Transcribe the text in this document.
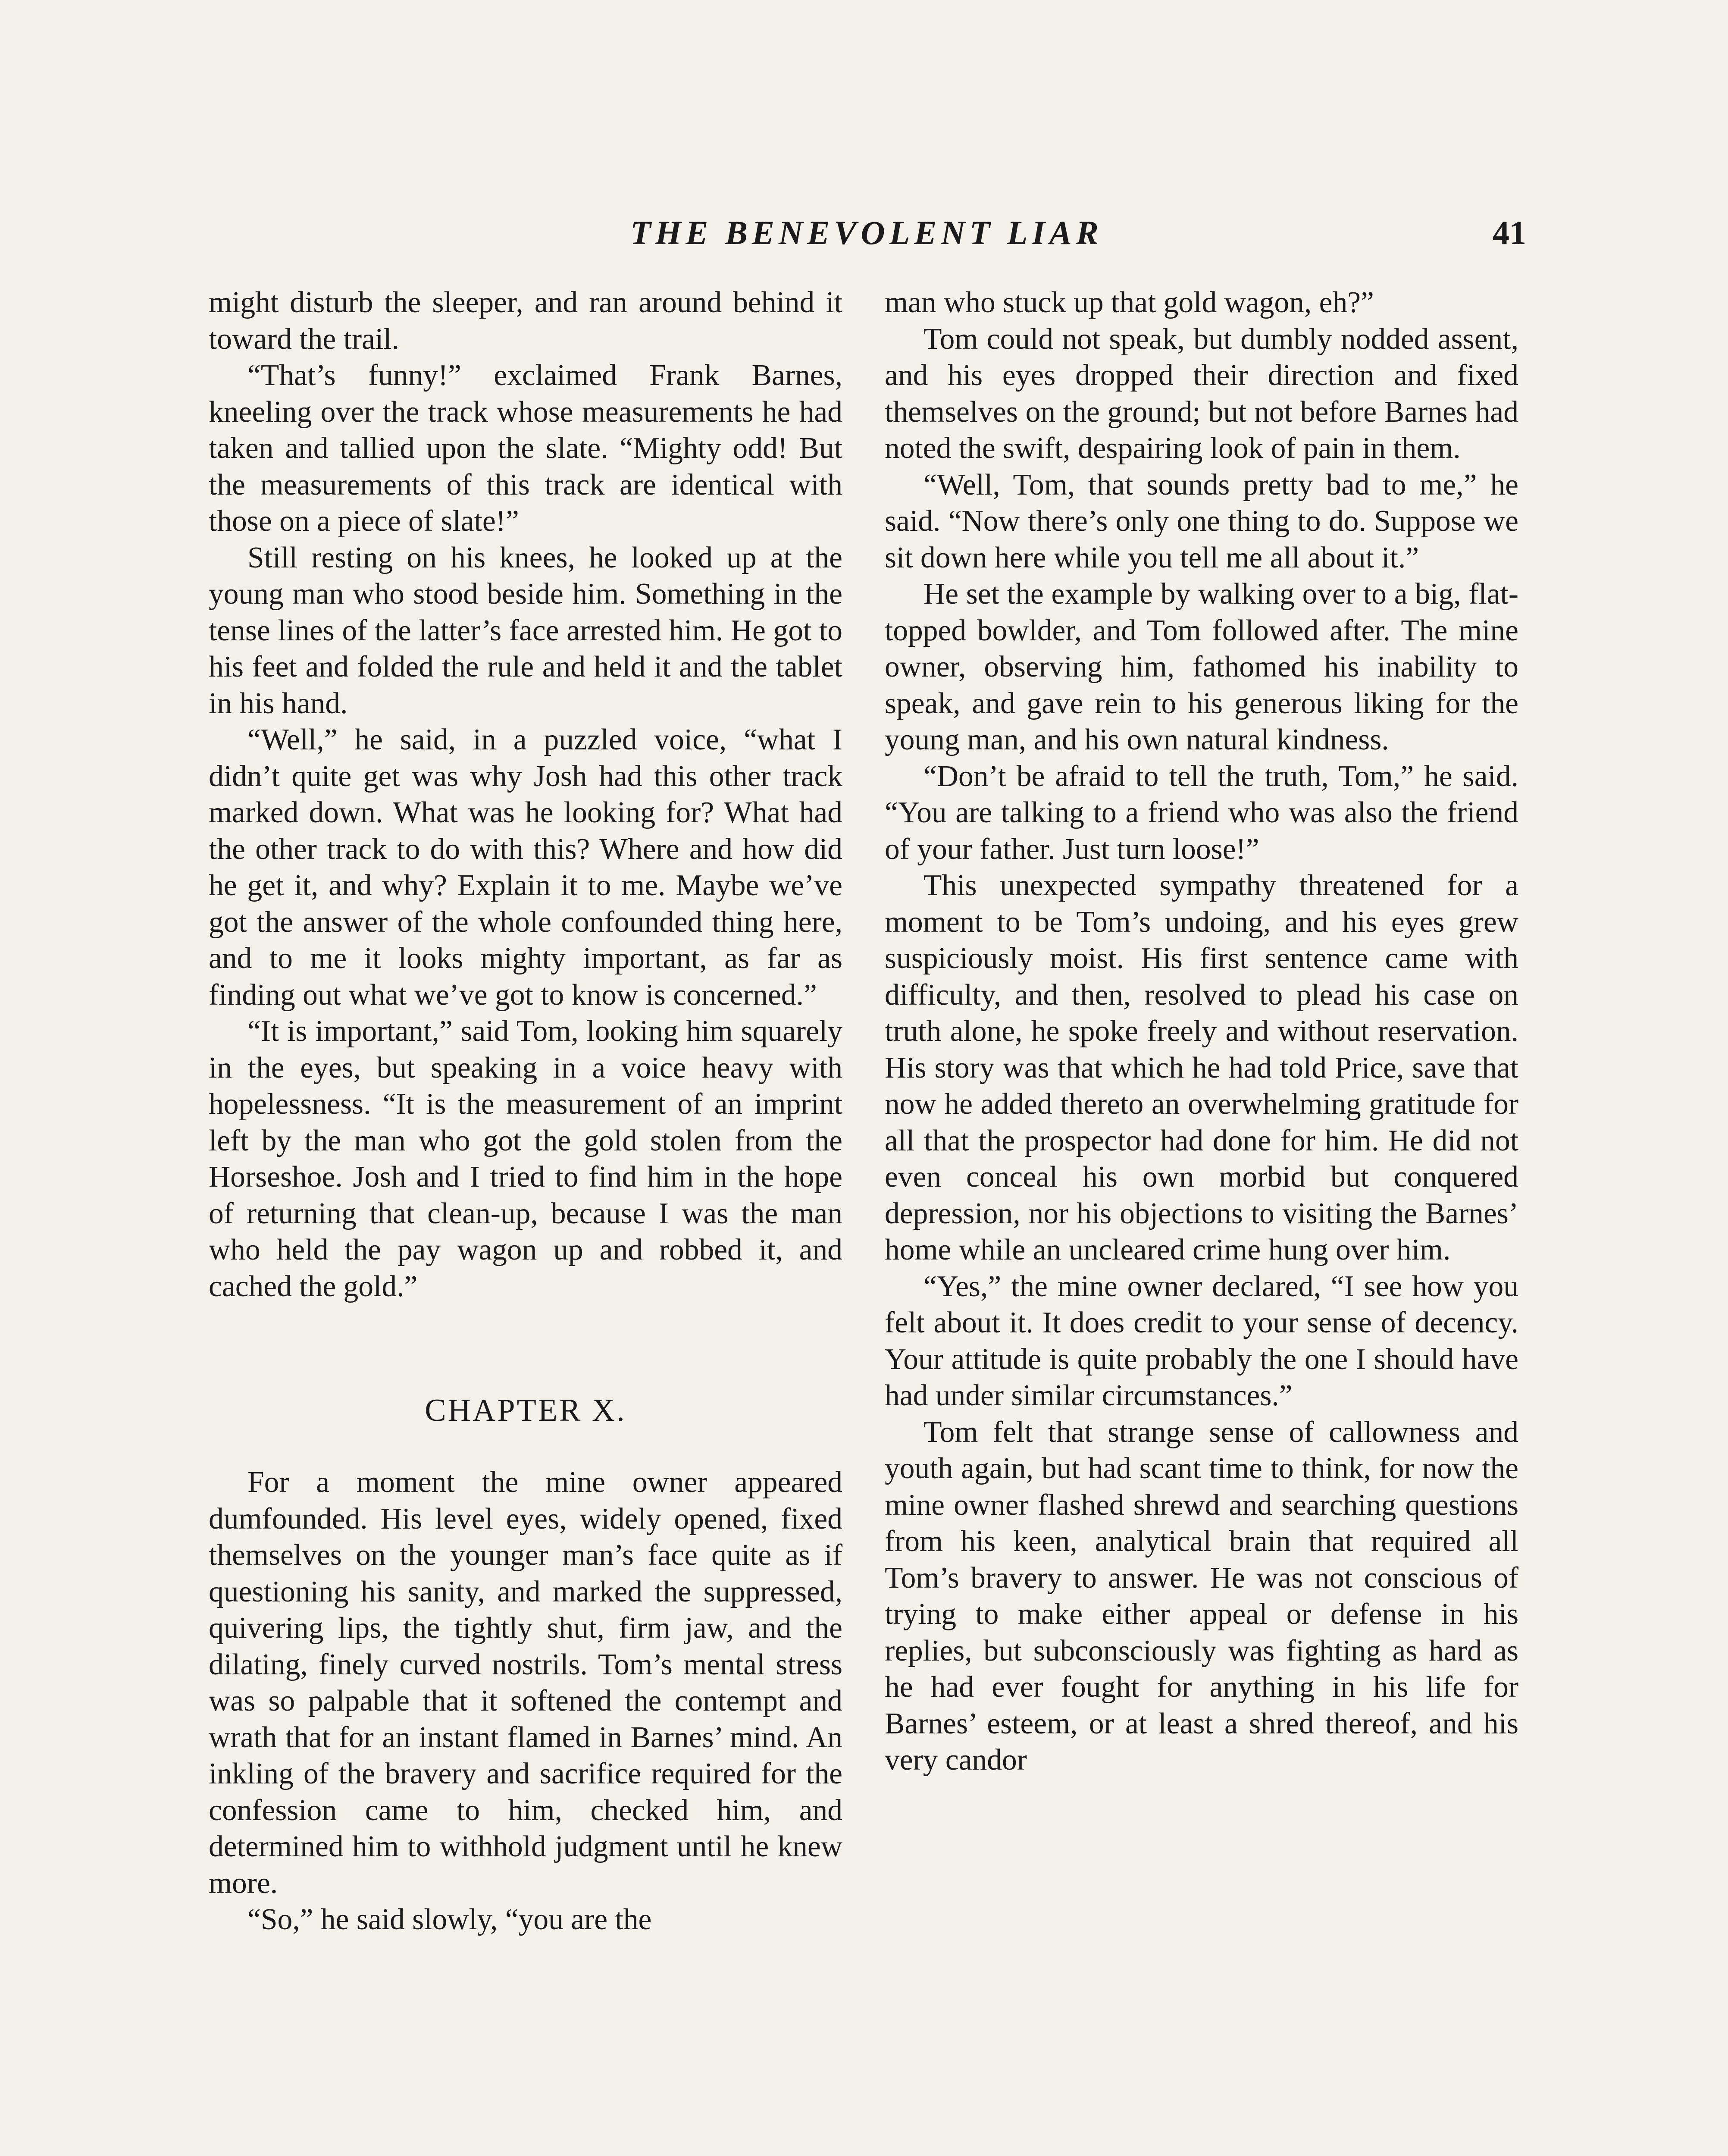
THE BENEVOLENT LIAR	41

might disturb the sleeper, and ran around behind it toward the trail.

“That’s funny!” exclaimed Frank Barnes, kneeling over the track whose measurements he had taken and tallied upon the slate. “Mighty odd! But the measurements of this track are identical with those on a piece of slate!”

Still resting on his knees, he looked up at the young man who stood beside him. Something in the tense lines of the latter’s face arrested him. He got to his feet and folded the rule and held it and the tablet in his hand.

“Well,” he said, in a puzzled voice, “what I didn’t quite get was why Josh had this other track marked down. What was he looking for? What had the other track to do with this? Where and how did he get it, and why? Explain it to me. Maybe we’ve got the answer of the whole confounded thing here, and to me it looks mighty important, as far as finding out what we’ve got to know is concerned.”

“It is important,” said Tom, looking him squarely in the eyes, but speaking in a voice heavy with hopelessness. “It is the measurement of an imprint left by the man who got the gold stolen from the Horseshoe. Josh and I tried to find him in the hope of returning that clean-up, because I was the man who held the pay wagon up and robbed it, and cached the gold.”

CHAPTER X.

For a moment the mine owner appeared dumfounded. His level eyes, widely opened, fixed themselves on the younger man’s face quite as if questioning his sanity, and marked the suppressed, quivering lips, the tightly shut, firm jaw, and the dilating, finely curved nostrils. Tom’s mental stress was so palpable that it softened the contempt and wrath that for an instant flamed in Barnes’ mind. An inkling of the bravery and sacrifice required for the confession came to him, checked him, and determined him to withhold judgment until he knew more.

“So,” he said slowly, “you are the

man who stuck up that gold wagon, eh?”

Tom could not speak, but dumbly nodded assent, and his eyes dropped their direction and fixed themselves on the ground; but not before Barnes had noted the swift, despairing look of pain in them.

“Well, Tom, that sounds pretty bad to me,” he said. “Now there’s only one thing to do. Suppose we sit down here while you tell me all about it.”

He set the example by walking over to a big, flat-topped bowlder, and Tom followed after. The mine owner, observing him, fathomed his inability to speak, and gave rein to his generous liking for the young man, and his own natural kindness.

“Don’t be afraid to tell the truth, Tom,” he said. “You are talking to a friend who was also the friend of your father. Just turn loose!”

This unexpected sympathy threatened for a moment to be Tom’s undoing, and his eyes grew suspiciously moist. His first sentence came with difficulty, and then, resolved to plead his case on truth alone, he spoke freely and without reservation. His story was that which he had told Price, save that now he added thereto an overwhelming gratitude for all that the prospector had done for him. He did not even conceal his own morbid but conquered depression, nor his objections to visiting the Barnes’ home while an uncleared crime hung over him.

“Yes,” the mine owner declared, “I see how you felt about it. It does credit to your sense of decency. Your attitude is quite probably the one I should have had under similar circumstances.”

Tom felt that strange sense of callowness and youth again, but had scant time to think, for now the mine owner flashed shrewd and searching questions from his keen, analytical brain that required all Tom’s bravery to answer. He was not conscious of trying to make either appeal or defense in his replies, but subconsciously was fighting as hard as he had ever fought for anything in his life for Barnes’ esteem, or at least a shred thereof, and his very candor
